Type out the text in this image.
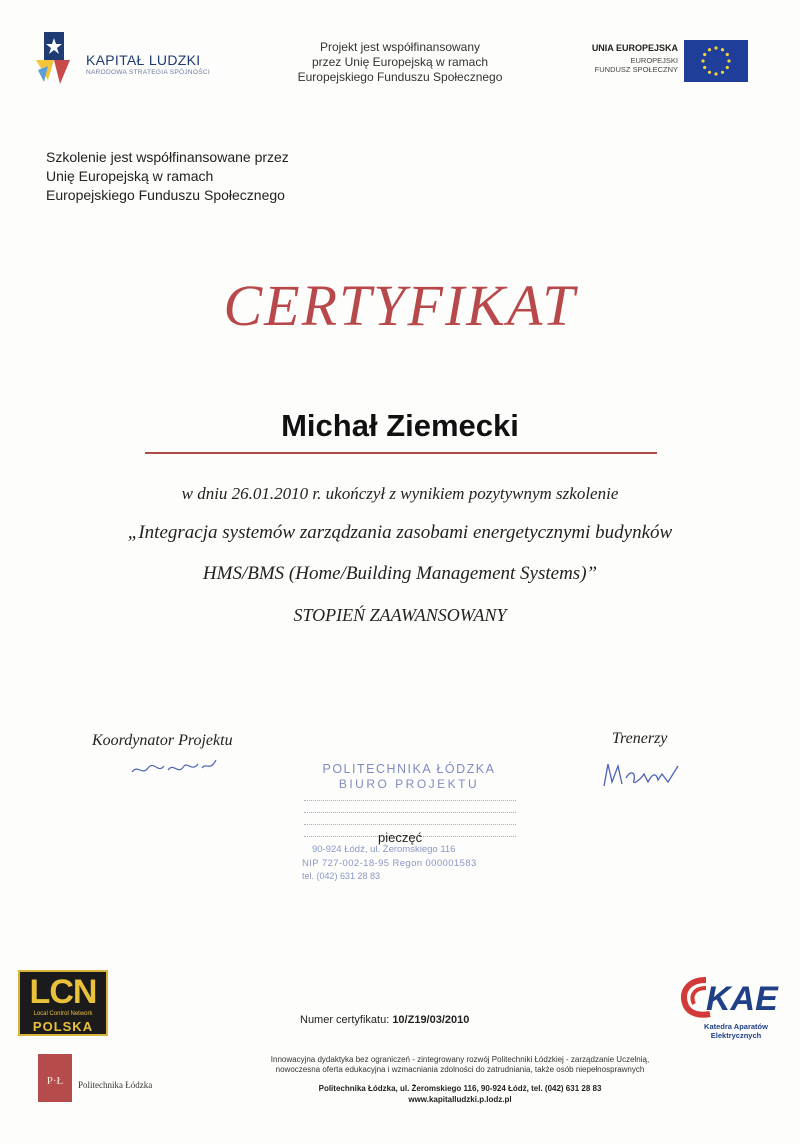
KAPITAŁ LUDZKI
NARODOWA STRATEGIA SPÓJNOŚCI
Projekt jest współfinansowany
przez Unię Europejską w ramach
Europejskiego Funduszu Społecznego
UNIA EUROPEJSKA
EUROPEJSKI
FUNDUSZ SPOŁECZNY
Szkolenie jest współfinansowane przez
Unię Europejską w ramach
Europejskiego Funduszu Społecznego
CERTYFIKAT
Michał Ziemecki
w dniu 26.01.2010 r. ukończył z wynikiem pozytywnym szkolenie
„Integracja systemów zarządzania zasobami energetycznymi budynków
HMS/BMS (Home/Building Management Systems)”
STOPIEŃ ZAAWANSOWANY
Koordynator Projektu	Trenerzy
POLITECHNIKA ŁÓDZKA
BIURO PROJEKTU
90-924 Łódź, ul. Żeromskiego 116
NIP 727-002-18-95 Regon 000001583
tel. (042) 631 28 83
pieczęć
LCN
Local Control Network
POLSKA	Numer certyfikatu: 10/Z19/03/2010
KAE
Katedra Aparatów
Elektrycznych
P·Ł Politechnika Łódzka
Innowacyjna dydaktyka bez ograniczeń - zintegrowany rozwój Politechniki Łódzkiej - zarządzanie Uczelnią,
nowoczesna oferta edukacyjna i wzmacniania zdolności do zatrudniania, także osób niepełnosprawnych
Politechnika Łódzka, ul. Żeromskiego 116, 90-924 Łódź, tel. (042) 631 28 83
www.kapitalludzki.p.lodz.pl
